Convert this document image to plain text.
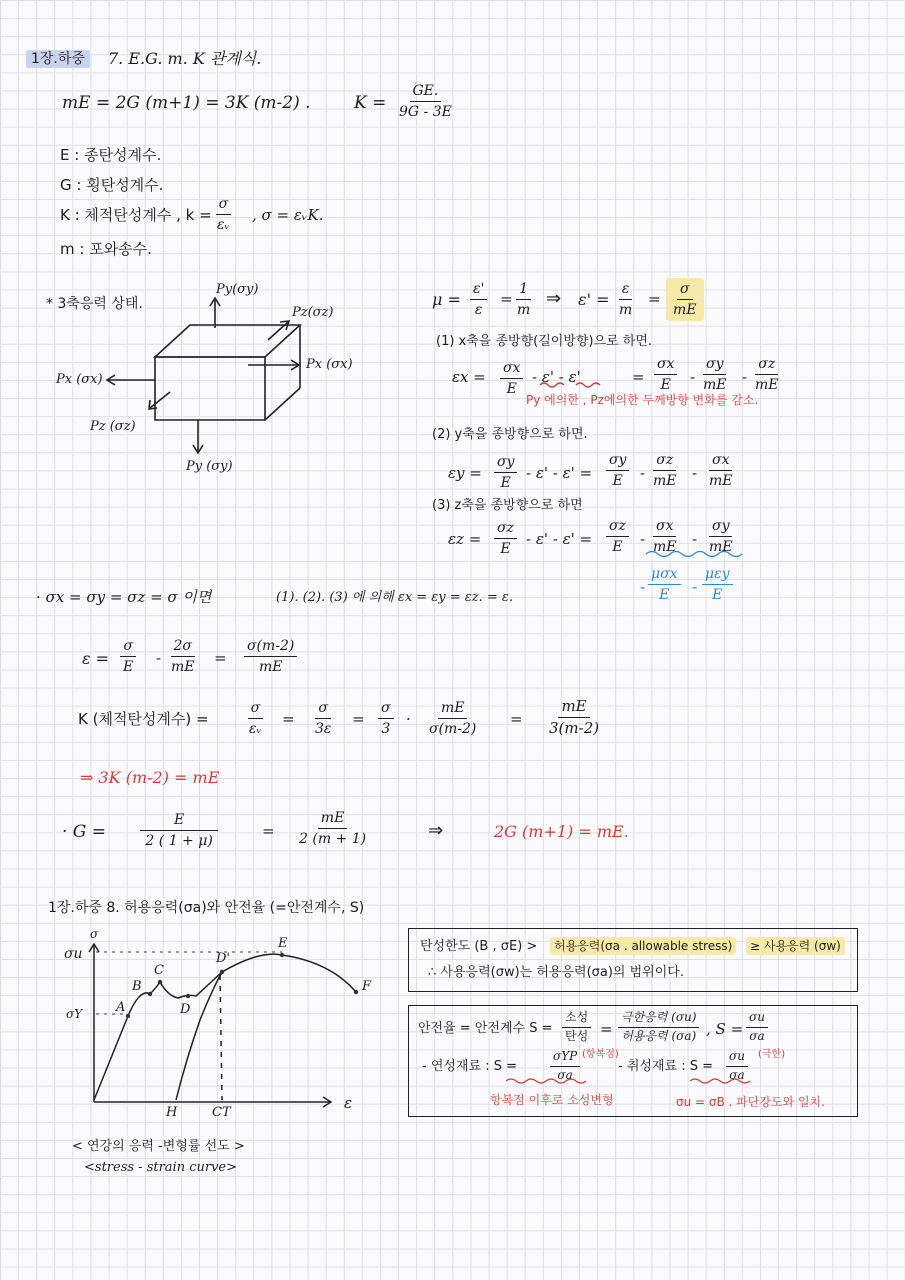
1장.하중	7. E.G. m. K 관계식.
mE = 2G (m+1) = 3K (m-2) .	$K = \frac{GE.}{9G - 3E}$
E : 종탄성계수.
G : 횡탄성계수.
K : 체적탄성계수 , $k = \frac{\sigma}{\text{εᵥ}}$ , σ = εᵥK.
m : 포와송수.
* 3축응력 상태.
Py(σy)
Pz(σz)
Px (σx)
Px (σx)
Pz (σz)
Py (σy)
$\mu = \frac{\varepsilon'}{\varepsilon} = \frac{1}{m}$ ⇒ $\varepsilon' = \frac{\varepsilon}{m} = \frac{\sigma}{mE}$
(1) x축을 종방향(길이방향)으로 하면.
$\varepsilon x = \frac{\sigma x}{E} - \varepsilon' - \varepsilon'$	= $\frac{\sigma x}{E} - \frac{\sigma y}{mE} - \frac{\sigma z}{mE}$
Py 에의한 , Pz에의한 두께방향 변화를 감소.
(2) y축을 종방향으로 하면.
$\varepsilon y = \frac{\sigma y}{E} - \varepsilon' - \varepsilon' = \frac{\sigma y}{E} - \frac{\sigma z}{mE} - \frac{\sigma x}{mE}$
(3) z축을 종방향으로 하면
$\varepsilon z = \frac{\sigma z}{E} - \varepsilon' - \varepsilon' = \frac{\sigma z}{E} - \frac{\sigma x}{mE} - \frac{\sigma y}{mE}$
-
μσx
E -
μεy
E
· σx = σy = σz = σ 이면	(1). (2). (3) 에 의해 εx = εy = εz. = ε.
$\varepsilon = \frac{\sigma}{E} - \frac{2\sigma}{mE} = \frac{\sigma(m-2)}{mE}$
K (체적탄성계수) =	$\frac{\sigma}{\text{εᵥ}} = \frac{\sigma}{3\varepsilon} = \frac{\sigma}{3} \cdot \frac{mE}{\sigma(m-2)} = \frac{mE}{3(m-2)}$
⇒ 3K (m-2) = mE
· $G = \frac{E}{2 ( 1 + \mu)}$	= $\frac{mE}{2 (m + 1)}$	⇒	2G (m+1) = mE.
1장.하중 8. 허용응력(σa)와 안전율 (=안전계수, S)
σ
σu
σY
ε
A
B
C
D
D'
E
F
H	CT
< 연강의 응력 -변형률 선도 >
<stress - strain curve>
탄성한도 (B , σE) >	허용응력(σa . allowable stress)	≥ 사용응력 (σw)
∴ 사용응력(σw)는 허용응력(σa)의 범위이다.
안전율 = 안전계수 S =
소성
탄성 =
극한응력 (σu)
허용응력 (σa) , $S = \frac{\sigma u}{\sigma a}$
- 연성재료 : S =
σYP
σa
(항복점)
- 취성재료 : $S = \frac{\sigma u}{\sigma a}$ (극한)
항복점 이후로 소성변형	σu = σB . 파단강도와 일치.
